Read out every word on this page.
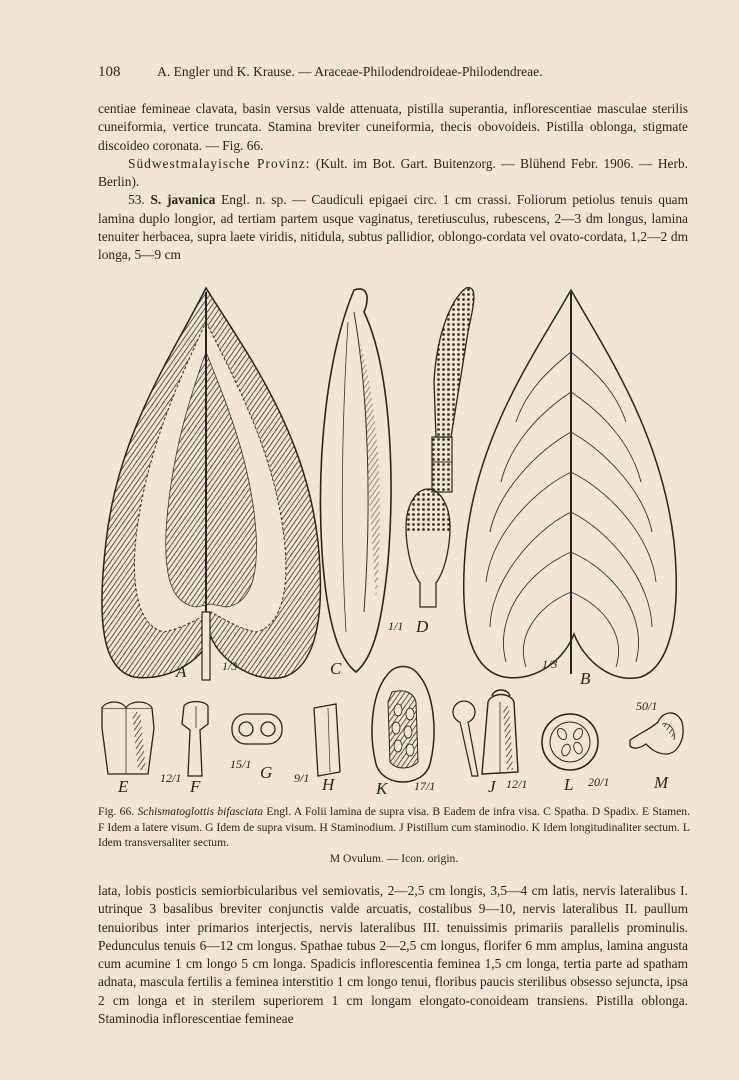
108	A. Engler und K. Krause. — Araceae-Philodendroideae-Philodendreae.

centiae femineae clavata, basin versus valde attenuata, pistilla superantia, inflorescentiae masculae sterilis cuneiformia, vertice truncata. Stamina breviter cuneiformia, thecis obovoideis. Pistilla oblonga, stigmate discoideo coronata. — Fig. 66.

Südwestmalayische Provinz: (Kult. im Bot. Gart. Buitenzorg. — Blühend Febr. 1906. — Herb. Berlin).

53. S. javanica Engl. n. sp. — Caudiculi epigaei circ. 1 cm crassi. Foliorum petiolus tenuis quam lamina duplo longior, ad tertiam partem usque vaginatus, teretiusculus, rubescens, 2—3 dm longus, lamina tenuiter herbacea, supra laete viridis, nitidula, subtus pallidior, oblongo-cordata vel ovato-cordata, 1,2—2 dm longa, 5—9 cm

A	1/3	C
1/1 D
1/3
B
E	12/1 F
15/1 G 9/1 H K 17/1	J 12/1 L 20/1
50/1
M
Fig. 66. Schismatoglottis bifasciata Engl. A Folii lamina de supra visa. B Eadem de infra visa. C Spatha. D Spadix. E Stamen. F Idem a latere visum. G Idem de supra visum. H Staminodium. J Pistillum cum staminodio. K Idem longitudinaliter sectum. L Idem transversaliter sectum.
M Ovulum. — Icon. origin.

lata, lobis posticis semiorbicularibus vel semiovatis, 2—2,5 cm longis, 3,5—4 cm latis, nervis lateralibus I. utrinque 3 basalibus breviter conjunctis valde arcuatis, costalibus 9—10, nervis lateralibus II. paullum tenuioribus inter primarios interjectis, nervis lateralibus III. tenuissimis primariis parallelis prominulis. Pedunculus tenuis 6—12 cm longus. Spathae tubus 2—2,5 cm longus, florifer 6 mm amplus, lamina angusta cum acumine 1 cm longo 5 cm longa. Spadicis inflorescentia feminea 1,5 cm longa, tertia parte ad spatham adnata, mascula fertilis a feminea interstitio 1 cm longo tenui, floribus paucis sterilibus obsesso sejuncta, ipsa 2 cm longa et in sterilem superiorem 1 cm longam elongato-conoideam transiens. Pistilla oblonga. Staminodia inflorescentiae femineae
